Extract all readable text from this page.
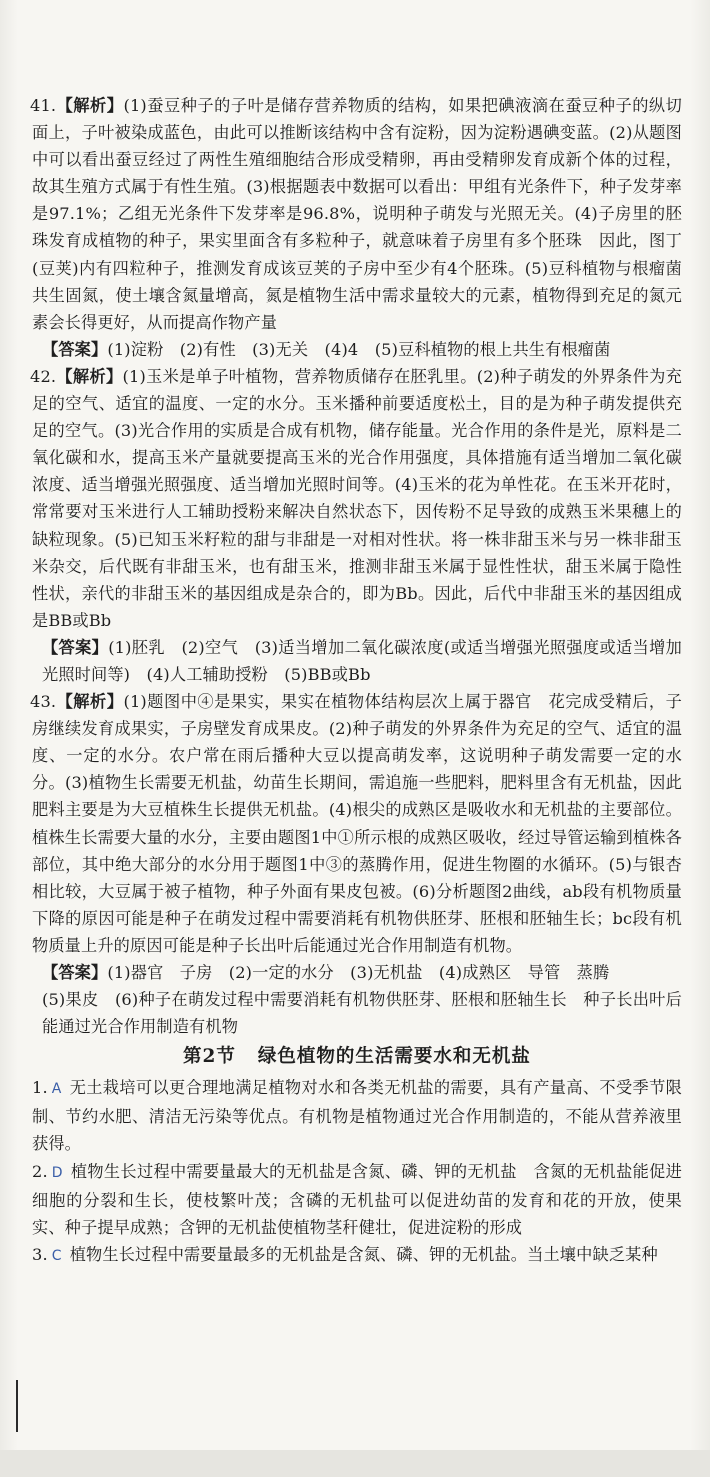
41.【解析】(1)蚕豆种子的子叶是储存营养物质的结构，如果把碘液滴在蚕豆种子的纵切面上，子叶被染成蓝色，由此可以推断该结构中含有淀粉，因为淀粉遇碘变蓝。(2)从题图中可以看出蚕豆经过了两性生殖细胞结合形成受精卵，再由受精卵发育成新个体的过程，故其生殖方式属于有性生殖。(3)根据题表中数据可以看出：甲组有光条件下，种子发芽率是97.1%；乙组无光条件下发芽率是96.8%，说明种子萌发与光照无关。(4)子房里的胚珠发育成植物的种子，果实里面含有多粒种子，就意味着子房里有多个胚珠　因此，图丁(豆荚)内有四粒种子，推测发育成该豆荚的子房中至少有4个胚珠。(5)豆科植物与根瘤菌共生固氮，使土壤含氮量增高，氮是植物生活中需求量较大的元素，植物得到充足的氮元素会长得更好，从而提高作物产量

【答案】(1)淀粉　(2)有性　(3)无关　(4)4　(5)豆科植物的根上共生有根瘤菌

42.【解析】(1)玉米是单子叶植物，营养物质储存在胚乳里。(2)种子萌发的外界条件为充足的空气、适宜的温度、一定的水分。玉米播种前要适度松土，目的是为种子萌发提供充足的空气。(3)光合作用的实质是合成有机物，储存能量。光合作用的条件是光，原料是二氧化碳和水，提高玉米产量就要提高玉米的光合作用强度，具体措施有适当增加二氧化碳浓度、适当增强光照强度、适当增加光照时间等。(4)玉米的花为单性花。在玉米开花时，常常要对玉米进行人工辅助授粉来解决自然状态下，因传粉不足导致的成熟玉米果穗上的缺粒现象。(5)已知玉米籽粒的甜与非甜是一对相对性状。将一株非甜玉米与另一株非甜玉米杂交，后代既有非甜玉米，也有甜玉米，推测非甜玉米属于显性性状，甜玉米属于隐性性状，亲代的非甜玉米的基因组成是杂合的，即为Bb。因此，后代中非甜玉米的基因组成是BB或Bb

【答案】(1)胚乳　(2)空气　(3)适当增加二氧化碳浓度(或适当增强光照强度或适当增加光照时间等)　(4)人工辅助授粉　(5)BB或Bb

43.【解析】(1)题图中④是果实，果实在植物体结构层次上属于器官　花完成受精后，子房继续发育成果实，子房壁发育成果皮。(2)种子萌发的外界条件为充足的空气、适宜的温度、一定的水分。农户常在雨后播种大豆以提高萌发率，这说明种子萌发需要一定的水分。(3)植物生长需要无机盐，幼苗生长期间，需追施一些肥料，肥料里含有无机盐，因此肥料主要是为大豆植株生长提供无机盐。(4)根尖的成熟区是吸收水和无机盐的主要部位。植株生长需要大量的水分，主要由题图1中①所示根的成熟区吸收，经过导管运输到植株各部位，其中绝大部分的水分用于题图1中③的蒸腾作用，促进生物圈的水循环。(5)与银杏相比较，大豆属于被子植物，种子外面有果皮包被。(6)分析题图2曲线，ab段有机物质量下降的原因可能是种子在萌发过程中需要消耗有机物供胚芽、胚根和胚轴生长；bc段有机物质量上升的原因可能是种子长出叶后能通过光合作用制造有机物。

【答案】(1)器官　子房　(2)一定的水分　(3)无机盐　(4)成熟区　导管　蒸腾

(5)果皮　(6)种子在萌发过程中需要消耗有机物供胚芽、胚根和胚轴生长　种子长出叶后能通过光合作用制造有机物

第2节 绿色植物的生活需要水和无机盐

1. A 无土栽培可以更合理地满足植物对水和各类无机盐的需要，具有产量高、不受季节限制、节约水肥、清洁无污染等优点。有机物是植物通过光合作用制造的，不能从营养液里获得。

2. D 植物生长过程中需要量最大的无机盐是含氮、磷、钾的无机盐　含氮的无机盐能促进细胞的分裂和生长，使枝繁叶茂；含磷的无机盐可以促进幼苗的发育和花的开放，使果实、种子提早成熟；含钾的无机盐使植物茎秆健壮，促进淀粉的形成

3. C 植物生长过程中需要量最多的无机盐是含氮、磷、钾的无机盐。当土壤中缺乏某种
